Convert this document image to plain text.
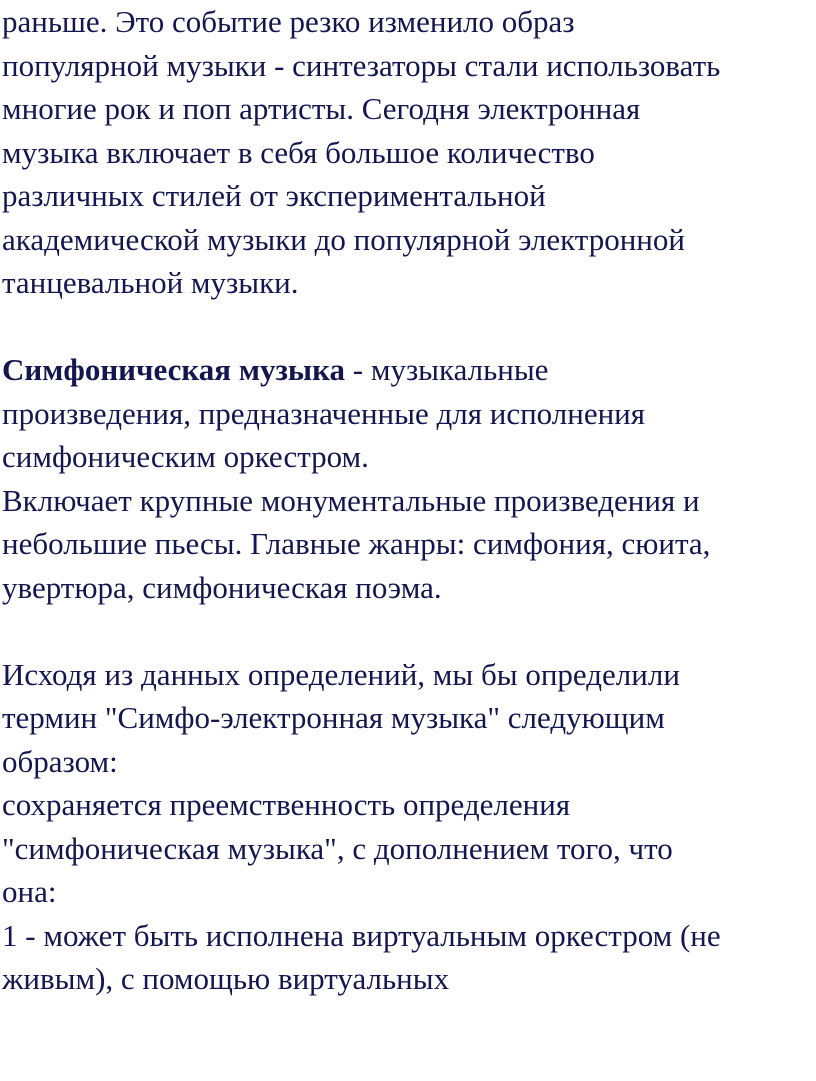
раньше. Это событие резко изменило образ
популярной музыки - синтезаторы стали использовать
многие рок и поп артисты. Сегодня электронная
музыка включает в себя большое количество
различных стилей от экспериментальной
академической музыки до популярной электронной
танцевальной музыки.
Симфоническая музыка - музыкальные
произведения, предназначенные для исполнения
симфоническим оркестром.
Включает крупные монументальные произведения и
небольшие пьесы. Главные жанры: симфония, сюита,
увертюра, симфоническая поэма.
Исходя из данных определений, мы бы определили
термин "Симфо-электронная музыка" следующим
образом:
сохраняется преемственность определения
"симфоническая музыка", с дополнением того, что
она:
1 - может быть исполнена виртуальным оркестром (не
живым), с помощью виртуальных
